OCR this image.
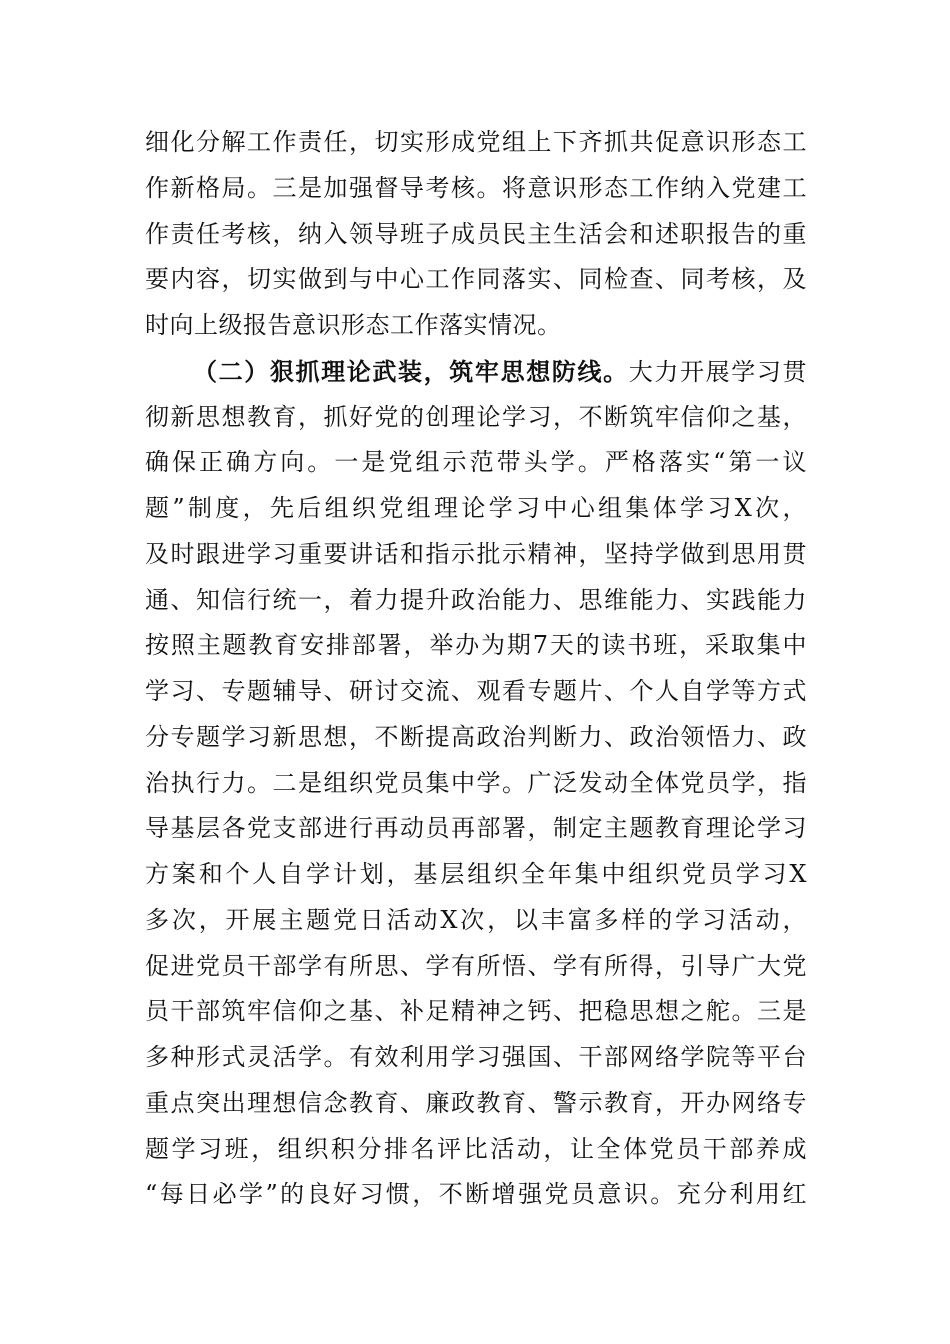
细化分解工作责任，切实形成党组上下齐抓共促意识形态工
作新格局。三是加强督导考核。将意识形态工作纳入党建工
作责任考核，纳入领导班子成员民主生活会和述职报告的重
要内容，切实做到与中心工作同落实、同检查、同考核，及
时向上级报告意识形态工作落实情况。
（二）狠抓理论武装，筑牢思想防线。大力开展学习贯
彻新思想教育，抓好党的创理论学习，不断筑牢信仰之基，
确保正确方向。一是党组示范带头学。严格落实“第一议
题”制度，先后组织党组理论学习中心组集体学习X次，
及时跟进学习重要讲话和指示批示精神，坚持学做到思用贯
通、知信行统一，着力提升政治能力、思维能力、实践能力
按照主题教育安排部署，举办为期7天的读书班，采取集中
学习、专题辅导、研讨交流、观看专题片、个人自学等方式
分专题学习新思想，不断提高政治判断力、政治领悟力、政
治执行力。二是组织党员集中学。广泛发动全体党员学，指
导基层各党支部进行再动员再部署，制定主题教育理论学习
方案和个人自学计划，基层组织全年集中组织党员学习X
多次，开展主题党日活动X次，以丰富多样的学习活动，
促进党员干部学有所思、学有所悟、学有所得，引导广大党
员干部筑牢信仰之基、补足精神之钙、把稳思想之舵。三是
多种形式灵活学。有效利用学习强国、干部网络学院等平台
重点突出理想信念教育、廉政教育、警示教育，开办网络专
题学习班，组织积分排名评比活动，让全体党员干部养成
“每日必学”的良好习惯，不断增强党员意识。充分利用红
